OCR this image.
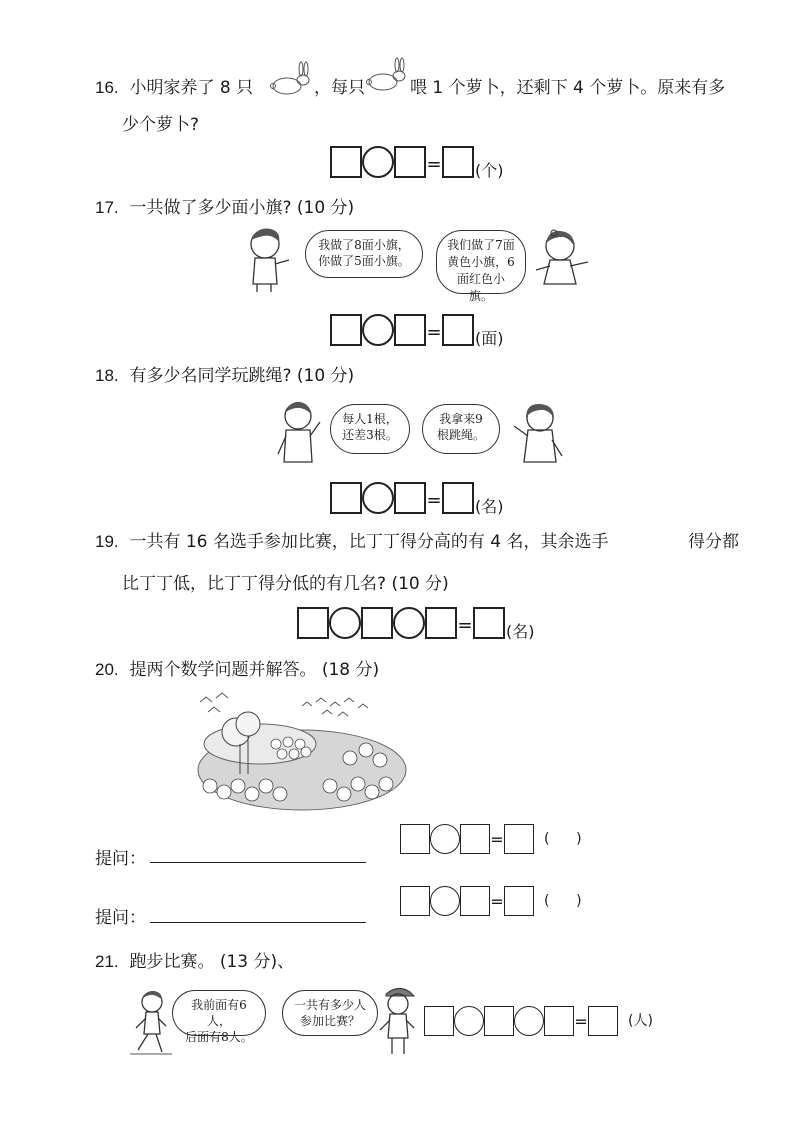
16. 小明家养了 8 只	，每只	喂 1 个萝卜，还剩下 4 个萝卜。原来有多
少个萝卜?
= (个)
17. 一共做了多少面小旗? (10 分)
我做了8面小旗，
你做了5面小旗。
我们做了7面
黄色小旗，6
面红色小旗。
= (面)
18. 有多少名同学玩跳绳? (10 分)
每人1根，
还差3根。
我拿来9
根跳绳。
= (名)
19. 一共有 16 名选手参加比赛，比丁丁得分高的有 4 名，其余选手	得分都
比丁丁低，比丁丁得分低的有几名? (10 分)
= (名)
20. 提两个数学问题并解答。 (18 分)
提问：
=	(      )
提问：
=	(      )
21. 跑步比赛。 (13 分)、
我前面有6人，
后面有8人。
一共有多少人
参加比赛？	=	(人)
